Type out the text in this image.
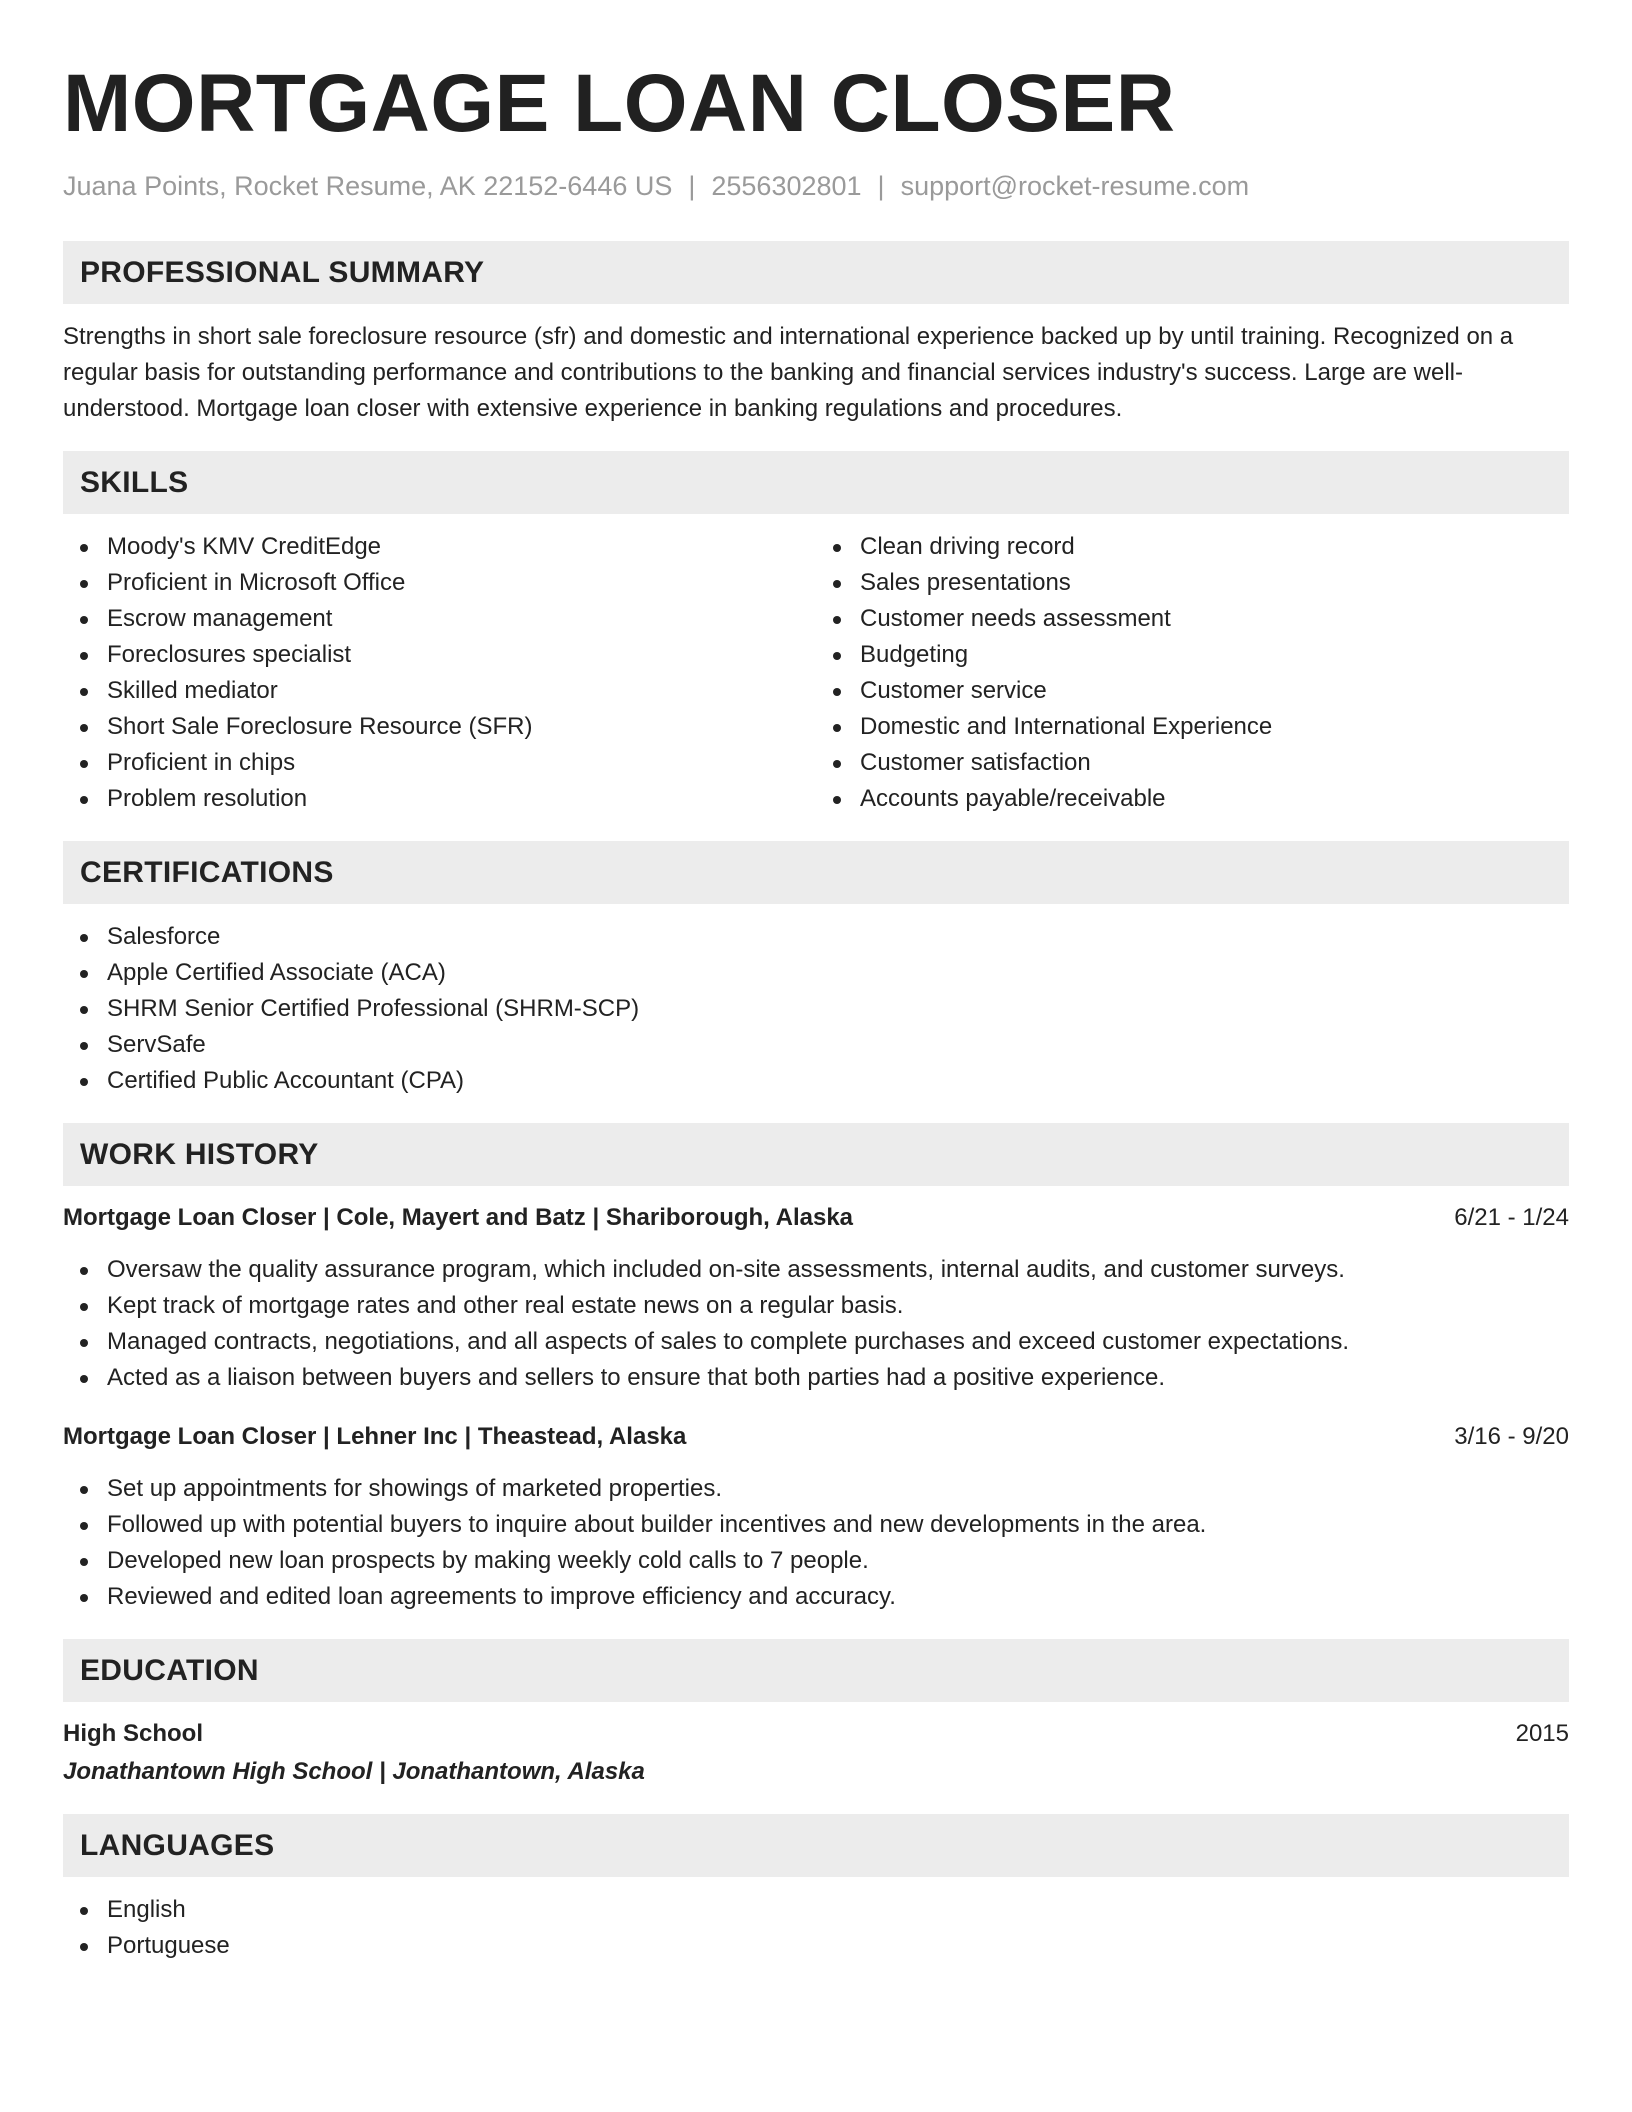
MORTGAGE LOAN CLOSER
Juana Points, Rocket Resume, AK 22152-6446 US | 2556302801 | support@rocket-resume.com
PROFESSIONAL SUMMARY

Strengths in short sale foreclosure resource (sfr) and domestic and international experience backed up by until training. Recognized on a regular basis for outstanding performance and contributions to the banking and financial services industry's success. Large are well-understood. Mortgage loan closer with extensive experience in banking regulations and procedures.

SKILLS
Moody's KMV CreditEdge
Proficient in Microsoft Office
Escrow management
Foreclosures specialist
Skilled mediator
Short Sale Foreclosure Resource (SFR)
Proficient in chips
Problem resolution
Clean driving record
Sales presentations
Customer needs assessment
Budgeting
Customer service
Domestic and International Experience
Customer satisfaction
Accounts payable/receivable
CERTIFICATIONS
Salesforce
Apple Certified Associate (ACA)
SHRM Senior Certified Professional (SHRM-SCP)
ServSafe
Certified Public Accountant (CPA)
WORK HISTORY
Mortgage Loan Closer | Cole, Mayert and Batz | Shariborough, Alaska	6/21 - 1/24
Oversaw the quality assurance program, which included on-site assessments, internal audits, and customer surveys.
Kept track of mortgage rates and other real estate news on a regular basis.
Managed contracts, negotiations, and all aspects of sales to complete purchases and exceed customer expectations.
Acted as a liaison between buyers and sellers to ensure that both parties had a positive experience.
Mortgage Loan Closer | Lehner Inc | Theastead, Alaska	3/16 - 9/20
Set up appointments for showings of marketed properties.
Followed up with potential buyers to inquire about builder incentives and new developments in the area.
Developed new loan prospects by making weekly cold calls to 7 people.
Reviewed and edited loan agreements to improve efficiency and accuracy.
EDUCATION
High School	2015
Jonathantown High School | Jonathantown, Alaska
LANGUAGES
English
Portuguese
